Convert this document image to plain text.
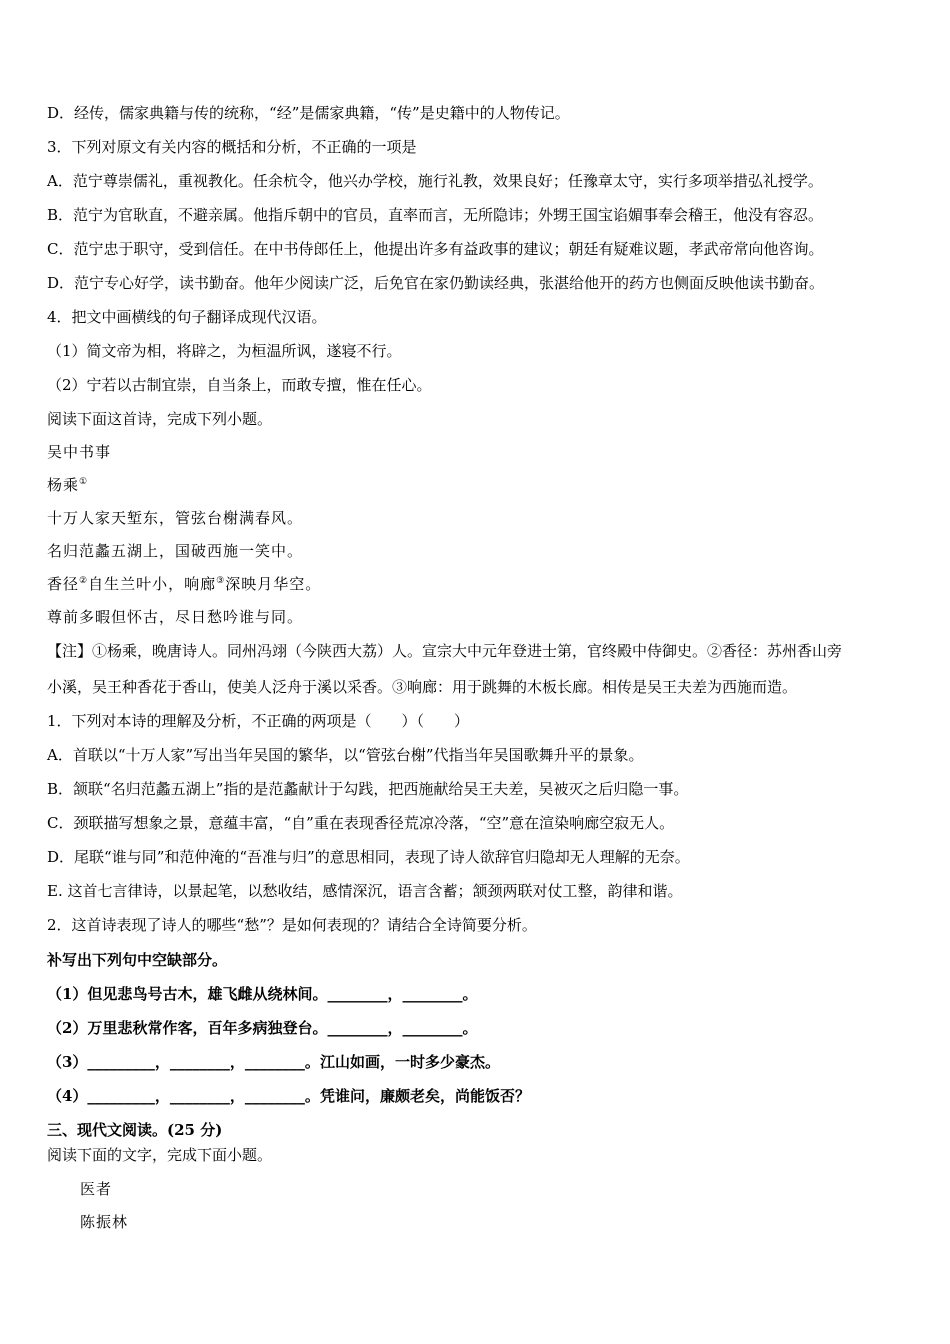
D．经传，儒家典籍与传的统称，“经”是儒家典籍，“传”是史籍中的人物传记。
3．下列对原文有关内容的概括和分析，不正确的一项是
A．范宁尊崇儒礼，重视教化。任余杭令，他兴办学校，施行礼教，效果良好；任豫章太守，实行多项举措弘礼授学。
B．范宁为官耿直，不避亲属。他指斥朝中的官员，直率而言，无所隐讳；外甥王国宝谄媚事奉会稽王，他没有容忍。
C．范宁忠于职守，受到信任。在中书侍郎任上，他提出许多有益政事的建议；朝廷有疑难议题，孝武帝常向他咨询。
D．范宁专心好学，读书勤奋。他年少阅读广泛，后免官在家仍勤读经典，张湛给他开的药方也侧面反映他读书勤奋。
4．把文中画横线的句子翻译成现代汉语。
（1）简文帝为相，将辟之，为桓温所讽，遂寝不行。
（2）宁若以古制宜崇，自当条上，而敢专擅，惟在任心。
阅读下面这首诗，完成下列小题。
吴中书事
杨乘①
十万人家天堑东，管弦台榭满春风。
名归范蠡五湖上，国破西施一笑中。
香径②自生兰叶小，响廊③深映月华空。
尊前多暇但怀古，尽日愁吟谁与同。
【注】①杨乘，晚唐诗人。同州冯翊（今陕西大荔）人。宣宗大中元年登进士第，官终殿中侍御史。②香径：苏州香山旁
小溪，吴王种香花于香山，使美人泛舟于溪以采香。③响廊：用于跳舞的木板长廊。相传是吴王夫差为西施而造。
1．下列对本诗的理解及分析，不正确的两项是（　　）（　　）
A．首联以“十万人家”写出当年吴国的繁华，以“管弦台榭”代指当年吴国歌舞升平的景象。
B．颔联“名归范蠡五湖上”指的是范蠡献计于勾践，把西施献给吴王夫差，吴被灭之后归隐一事。
C．颈联描写想象之景，意蕴丰富，“自”重在表现香径荒凉冷落，“空”意在渲染响廊空寂无人。
D．尾联“谁与同”和范仲淹的“吾准与归”的意思相同，表现了诗人欲辞官归隐却无人理解的无奈。
E. 这首七言律诗，以景起笔，以愁收结，感情深沉，语言含蓄；颔颈两联对仗工整，韵律和谐。
2．这首诗表现了诗人的哪些“愁”？是如何表现的？请结合全诗简要分析。
补写出下列句中空缺部分。
（1）但见悲鸟号古木，雄飞雌从绕林间。________，________。
（2）万里悲秋常作客，百年多病独登台。________，________。
（3）_________，________，________。江山如画，一时多少豪杰。
（4）_________，________，________。凭谁问，廉颇老矣，尚能饭否？
三、现代文阅读。(25 分)
阅读下面的文字，完成下面小题。
医者
陈振林
